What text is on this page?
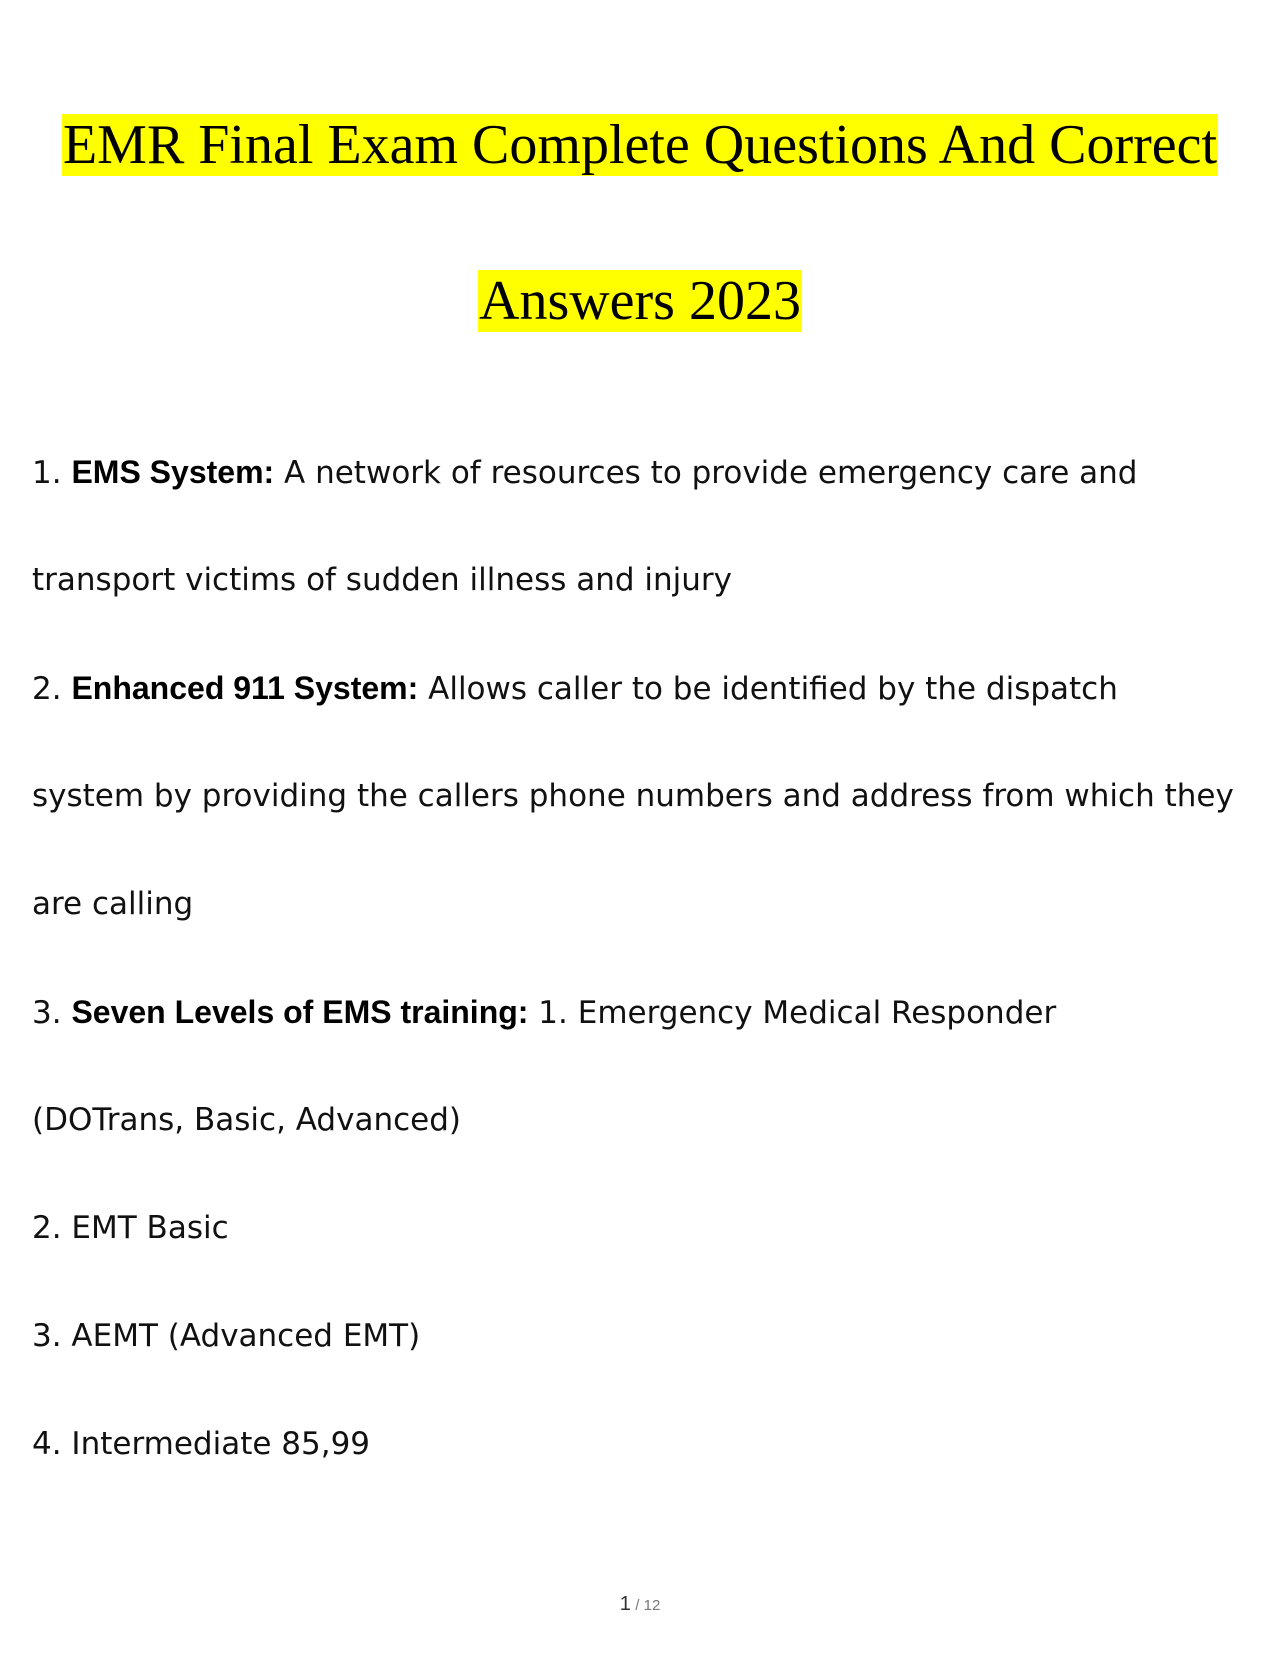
EMR Final Exam Complete Questions And Correct
Answers 2023
1. EMS System: A network of resources to provide emergency care and
transport victims of sudden illness and injury
2. Enhanced 911 System: Allows caller to be identified by the dispatch
system by providing the callers phone numbers and address from which they
are calling
3. Seven Levels of EMS training: 1. Emergency Medical Responder
(DOTrans, Basic, Advanced)
2. EMT Basic
3. AEMT (Advanced EMT)
4. Intermediate 85,99
1 / 12
